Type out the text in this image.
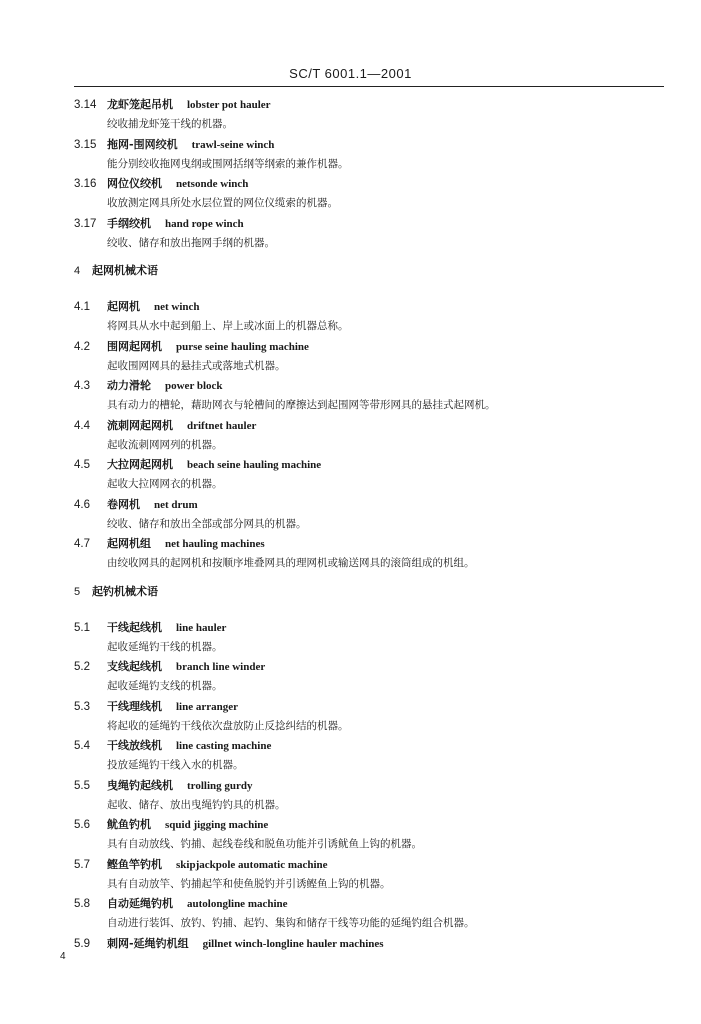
SC/T 6001.1—2001
3.14 龙虾笼起吊机 lobster pot hauler
绞收捕龙虾笼干线的机器。
3.15 拖网-围网绞机 trawl-seine winch
能分别绞收拖网曳纲或围网括纲等纲索的兼作机器。
3.16 网位仪绞机 netsonde winch
收放测定网具所处水层位置的网位仪缆索的机器。
3.17 手纲绞机 hand rope winch
绞收、储存和放出拖网手纲的机器。
4	起网机械术语
4.1	起网机 net winch
将网具从水中起到船上、岸上或冰面上的机器总称。
4.2	围网起网机 purse seine hauling machine
起收围网网具的悬挂式或落地式机器。
4.3	动力滑轮 power block
具有动力的槽轮，藉助网衣与轮槽间的摩擦达到起围网等带形网具的悬挂式起网机。
4.4	流刺网起网机 driftnet hauler
起收流刺网网列的机器。
4.5	大拉网起网机 beach seine hauling machine
起收大拉网网衣的机器。
4.6	卷网机 net drum
绞收、储存和放出全部或部分网具的机器。
4.7	起网机组 net hauling machines
由绞收网具的起网机和按顺序堆叠网具的理网机或输送网具的滚筒组成的机组。
5	起钓机械术语
5.1	干线起线机 line hauler
起收延绳钓干线的机器。
5.2	支线起线机 branch line winder
起收延绳钓支线的机器。
5.3	干线理线机 line arranger
将起收的延绳钓干线依次盘放防止反捻纠结的机器。
5.4	干线放线机 line casting machine
投放延绳钓干线入水的机器。
5.5	曳绳钓起线机 trolling gurdy
起收、储存、放出曳绳钓钓具的机器。
5.6	鱿鱼钓机 squid jigging machine
具有自动放线、钓捕、起线卷线和脱鱼功能并引诱鱿鱼上钩的机器。
5.7	鲣鱼竿钓机 skipjackpole automatic machine
具有自动放竿、钓捕起竿和使鱼脱钓并引诱鲣鱼上钩的机器。
5.8	自动延绳钓机 autolongline machine
自动进行装饵、放钓、钓捕、起钓、集钩和储存干线等功能的延绳钓组合机器。
5.9	刺网-延绳钓机组 gillnet winch-longline hauler machines
4
